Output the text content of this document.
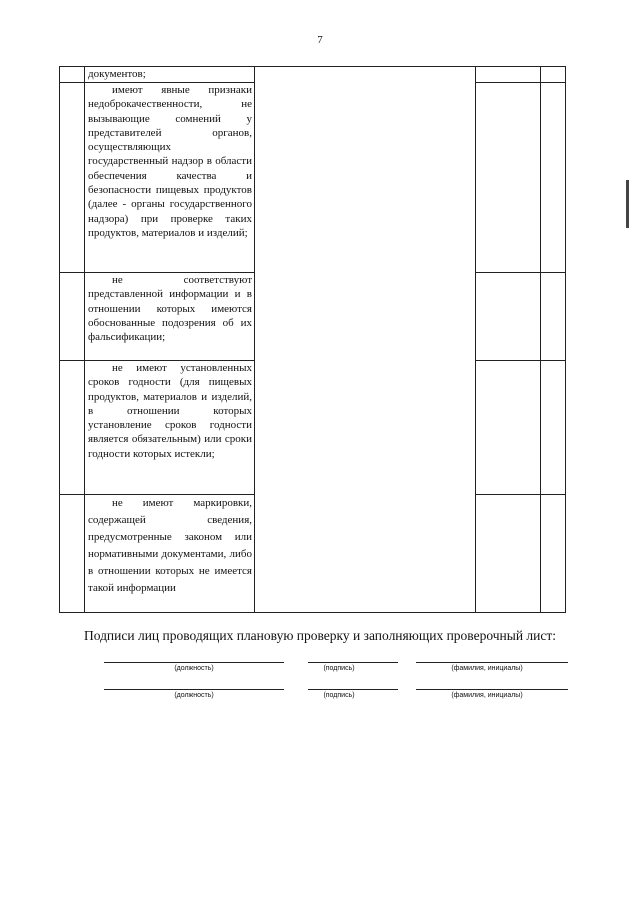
7

	документов;			

	имеют явные признаки недоброкачественности, не вызывающие сомнений у представителей органов, осуществляющих государственный надзор в области обеспечения качества и безопасности пищевых продуктов (далее - органы государственного надзора) при проверке таких продуктов, материалов и изделий;			

	не соответствуют представленной информации и в отношении которых имеются обоснованные подозрения об их фальсификации;			

	не имеют установленных сроков годности (для пищевых продуктов, материалов и изделий, в отношении которых установление сроков годности является обязательным) или сроки годности которых истекли;			

	не имеют маркировки, содержащей сведения, предусмотренные законом или нормативными документами, либо в отношении которых не имеется такой информации			

Подписи лиц проводящих плановую проверку и заполняющих проверочный лист:
(должность)	(подпись)	(фамилия, инициалы)
(должность)	(подпись)	(фамилия, инициалы)
